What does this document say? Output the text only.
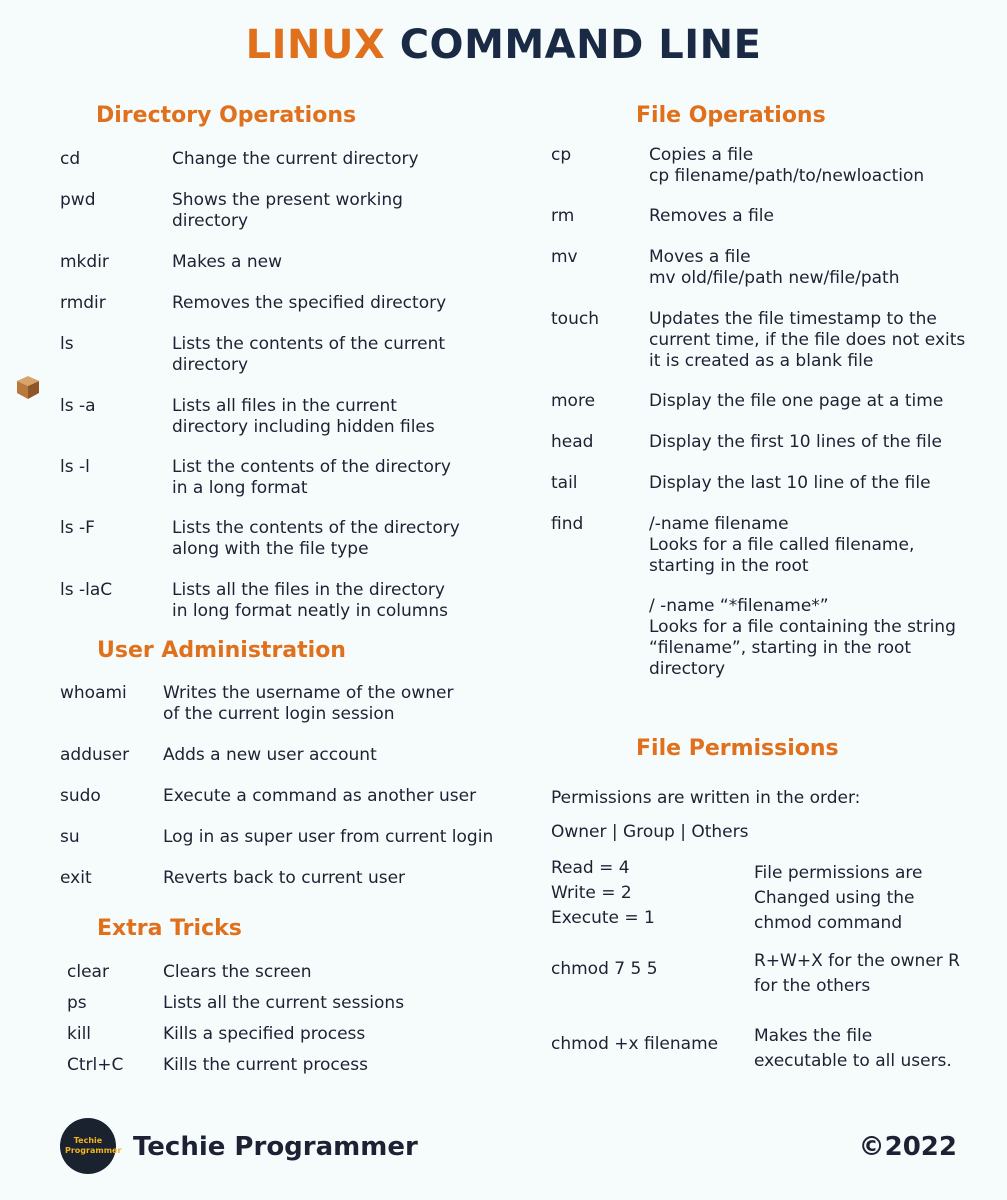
LINUX COMMAND LINE
Directory Operations
cd	Change the current directory
pwd	Shows the present working
directory
mkdir	Makes a new
rmdir	Removes the specified directory
ls	Lists the contents of the current
directory
ls -a	Lists all files in the current
directory including hidden files
ls -l	List the contents of the directory
in a long format
ls -F	Lists the contents of the directory
along with the file type
ls -laC	Lists all the files in the directory
in long format neatly in columns
User Administration
whoami Writes the username of the owner
of the current login session
adduser Adds a new user account
sudo	Execute a command as another user
su	Log in as super user from current login
exit	Reverts back to current user
Extra Tricks
clear	Clears the screen
ps	Lists all the current sessions
kill	Kills a specified process
Ctrl+C Kills the current process
File Operations
cp	Copies a file
cp filename/path/to/newloaction
rm	Removes a file
mv	Moves a file
mv old/file/path new/file/path
touch	Updates the file timestamp to the
current time, if the file does not exits
it is created as a blank file
more	Display the file one page at a time
head	Display the first 10 lines of the file
tail	Display the last 10 line of the file
find	/-name filename
Looks for a file called filename,
starting in the root
/ -name “*filename*”
Looks for a file containing the string
“filename”, starting in the root
directory
File Permissions
Permissions are written in the order:
Owner | Group | Others
Read = 4
Write = 2
Execute = 1
File permissions are
Changed using the
chmod command
chmod 7 5 5	R+W+X for the owner R
for the others
chmod +x filename Makes the file
executable to all users.
Techie Programmer Techie Programmer	©2022
